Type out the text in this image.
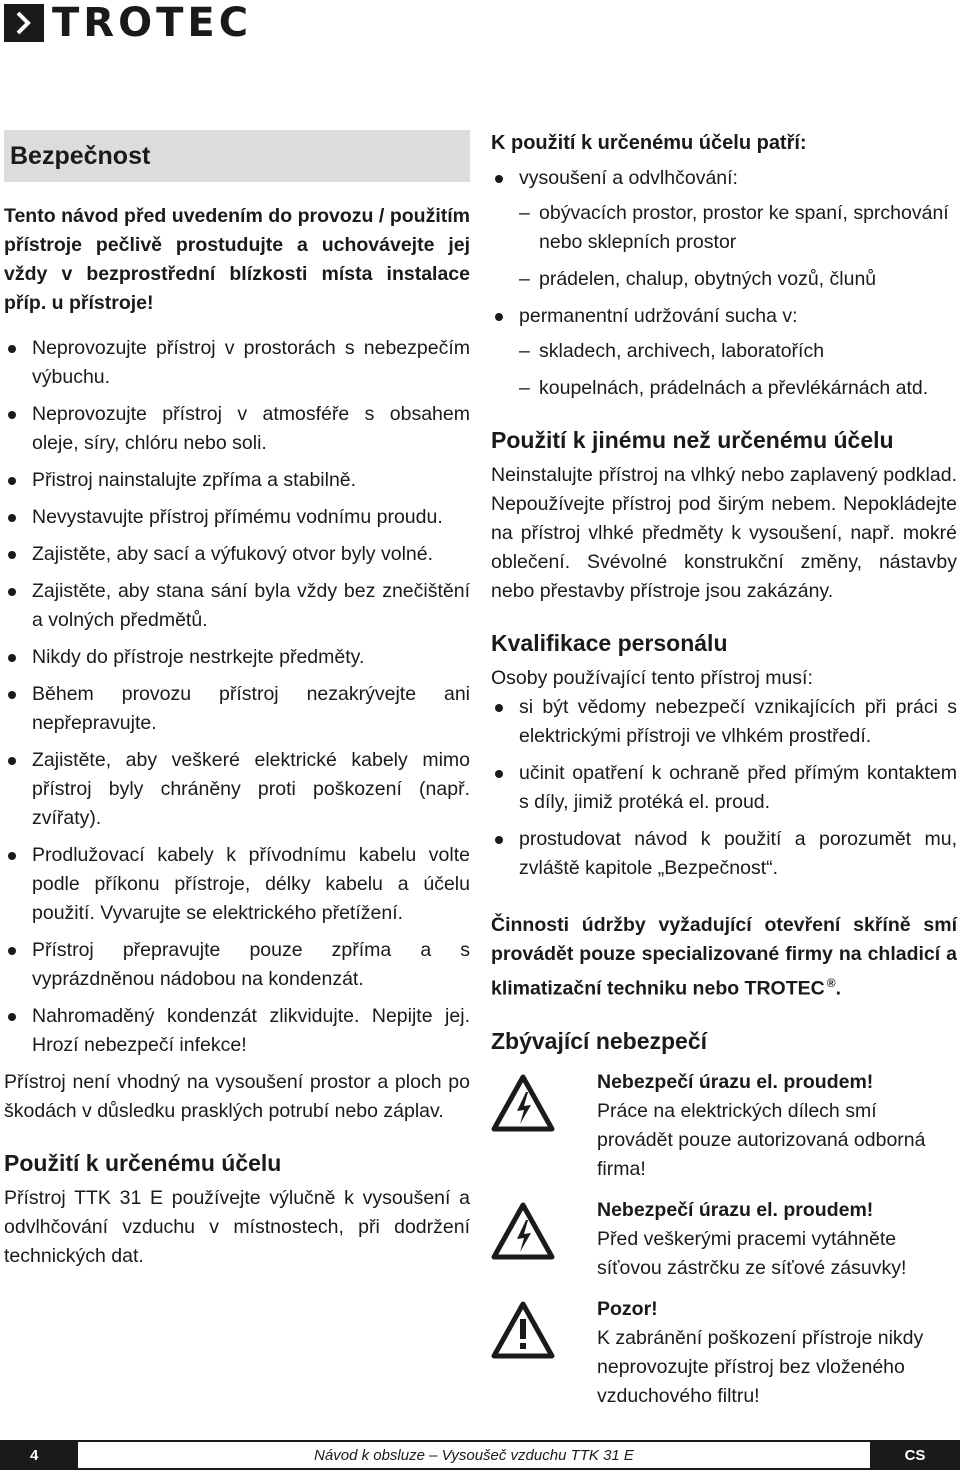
TROTEC
Bezpečnost

Tento návod před uvedením do provozu / použitím přístroje pečlivě prostudujte a uchovávejte jej vždy v bezprostřední blízkosti místa instalace příp. u přístroje!

Neprovozujte přístroj v prostorách s nebezpečím výbuchu.
Neprovozujte přístroj v atmosféře s obsahem oleje, síry, chlóru nebo soli.
Přistroj nainstalujte zpříma a stabilně.
Nevystavujte přístroj přímému vodnímu proudu.
Zajistěte, aby sací a výfukový otvor byly volné.
Zajistěte, aby stana sání byla vždy bez znečištění a volných předmětů.
Nikdy do přístroje nestrkejte předměty.
Během provozu přístroj nezakrývejte ani nepřepravujte.
Zajistěte, aby veškeré elektrické kabely mimo přístroj byly chráněny proti poškození (např. zvířaty).
Prodlužovací kabely k přívodnímu kabelu volte podle příkonu přístroje, délky kabelu a účelu použití. Vyvarujte se elektrického přetížení.
Přístroj přepravujte pouze zpříma a s vyprázdněnou nádobou na kondenzát.
Nahromaděný kondenzát zlikvidujte. Nepijte jej. Hrozí nebezpečí infekce!

Přístroj není vhodný na vysoušení prostor a ploch po škodách v důsledku prasklých potrubí nebo záplav.

Použití k určenému účelu

Přístroj TTK 31 E používejte výlučně k vysoušení a odvlhčování vzduchu v místnostech, při dodržení technických dat.

K použití k určenému účelu patří:
vysoušení a odvlhčování:
– obývacích prostor, prostor ke spaní, sprchování nebo sklepních prostor
– prádelen, chalup, obytných vozů, člunů
permanentní udržování sucha v:
– skladech, archivech, laboratořích
– koupelnách, prádelnách a převlékárnách atd.
Použití k jinému než určenému účelu

Neinstalujte přístroj na vlhký nebo zaplavený podklad. Nepoužívejte přístroj pod širým nebem. Nepokládejte na přístroj vlhké předměty k vysoušení, např. mokré oblečení. Svévolné konstrukční změny, nástavby nebo přestavby přístroje jsou zakázány.

Kvalifikace personálu

Osoby používající tento přístroj musí:

si být vědomy nebezpečí vznikajících při práci s elektrickými přístroji ve vlhkém prostředí.
učinit opatření k ochraně před přímým kontaktem s díly, jimiž protéká el. proud.
prostudovat návod k použití a porozumět mu, zvláště kapitole „Bezpečnost“.

Činnosti údržby vyžadující otevření skříně smí provádět pouze specializované firmy na chladicí a klimatizační techniku nebo TROTEC ®.

Zbývající nebezpečí

Nebezpečí úrazu el. proudem!

Práce na elektrických dílech smí provádět pouze autorizovaná odborná firma!

Nebezpečí úrazu el. proudem!

Před veškerými pracemi vytáhněte síťovou zástrčku ze síťové zásuvky!

Pozor!

K zabránění poškození přístroje nikdy neprovozujte přístroj bez vloženého vzduchového filtru!

4	Návod k obsluze – Vysoušeč vzduchu TTK 31 E	CS
